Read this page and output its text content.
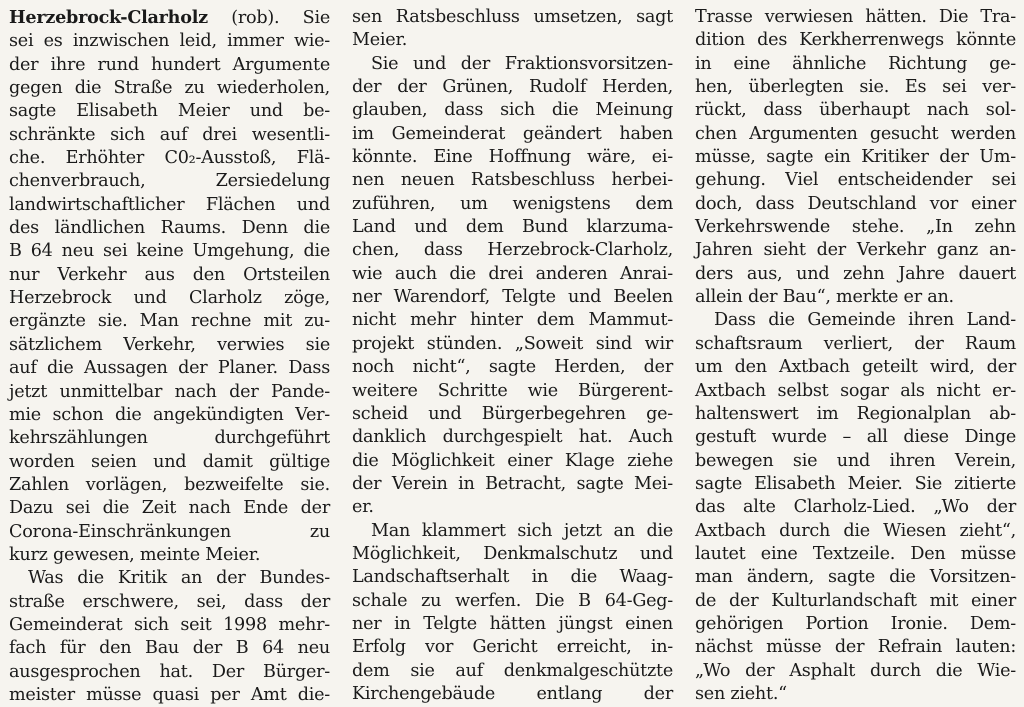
Herzebrock-Clarholz (rob). Sie
sei es inzwischen leid, immer wie-
der ihre rund hundert Argumente
gegen die Straße zu wiederholen,
sagte Elisabeth Meier und be-
schränkte sich auf drei wesentli-
che. Erhöhter C0₂-Ausstoß, Flä-
chenverbrauch, Zersiedelung
landwirtschaftlicher Flächen und
des ländlichen Raums. Denn die
B 64 neu sei keine Umgehung, die
nur Verkehr aus den Ortsteilen
Herzebrock und Clarholz zöge,
ergänzte sie. Man rechne mit zu-
sätzlichem Verkehr, verwies sie
auf die Aussagen der Planer. Dass
jetzt unmittelbar nach der Pande-
mie schon die angekündigten Ver-
kehrszählungen durchgeführt
worden seien und damit gültige
Zahlen vorlägen, bezweifelte sie.
Dazu sei die Zeit nach Ende der
Corona-Einschränkungen zu
kurz gewesen, meinte Meier.
Was die Kritik an der Bundes-
straße erschwere, sei, dass der
Gemeinderat sich seit 1998 mehr-
fach für den Bau der B 64 neu
ausgesprochen hat. Der Bürger-
meister müsse quasi per Amt die-
sen Ratsbeschluss umsetzen, sagt
Meier.
Sie und der Fraktionsvorsitzen-
der der Grünen, Rudolf Herden,
glauben, dass sich die Meinung
im Gemeinderat geändert haben
könnte. Eine Hoffnung wäre, ei-
nen neuen Ratsbeschluss herbei-
zuführen, um wenigstens dem
Land und dem Bund klarzuma-
chen, dass Herzebrock-Clarholz,
wie auch die drei anderen Anrai-
ner Warendorf, Telgte und Beelen
nicht mehr hinter dem Mammut-
projekt stünden. „Soweit sind wir
noch nicht“, sagte Herden, der
weitere Schritte wie Bürgerent-
scheid und Bürgerbegehren ge-
danklich durchgespielt hat. Auch
die Möglichkeit einer Klage ziehe
der Verein in Betracht, sagte Mei-
er.
Man klammert sich jetzt an die
Möglichkeit, Denkmalschutz und
Landschaftserhalt in die Waag-
schale zu werfen. Die B 64-Geg-
ner in Telgte hätten jüngst einen
Erfolg vor Gericht erreicht, in-
dem sie auf denkmalgeschützte
Kirchengebäude entlang der
Trasse verwiesen hätten. Die Tra-
dition des Kerkherrenwegs könnte
in eine ähnliche Richtung ge-
hen, überlegten sie. Es sei ver-
rückt, dass überhaupt nach sol-
chen Argumenten gesucht werden
müsse, sagte ein Kritiker der Um-
gehung. Viel entscheidender sei
doch, dass Deutschland vor einer
Verkehrswende stehe. „In zehn
Jahren sieht der Verkehr ganz an-
ders aus, und zehn Jahre dauert
allein der Bau“, merkte er an.
Dass die Gemeinde ihren Land-
schaftsraum verliert, der Raum
um den Axtbach geteilt wird, der
Axtbach selbst sogar als nicht er-
haltenswert im Regionalplan ab-
gestuft wurde – all diese Dinge
bewegen sie und ihren Verein,
sagte Elisabeth Meier. Sie zitierte
das alte Clarholz-Lied. „Wo der
Axtbach durch die Wiesen zieht“,
lautet eine Textzeile. Den müsse
man ändern, sagte die Vorsitzen-
de der Kulturlandschaft mit einer
gehörigen Portion Ironie. Dem-
nächst müsse der Refrain lauten:
„Wo der Asphalt durch die Wie-
sen zieht.“
